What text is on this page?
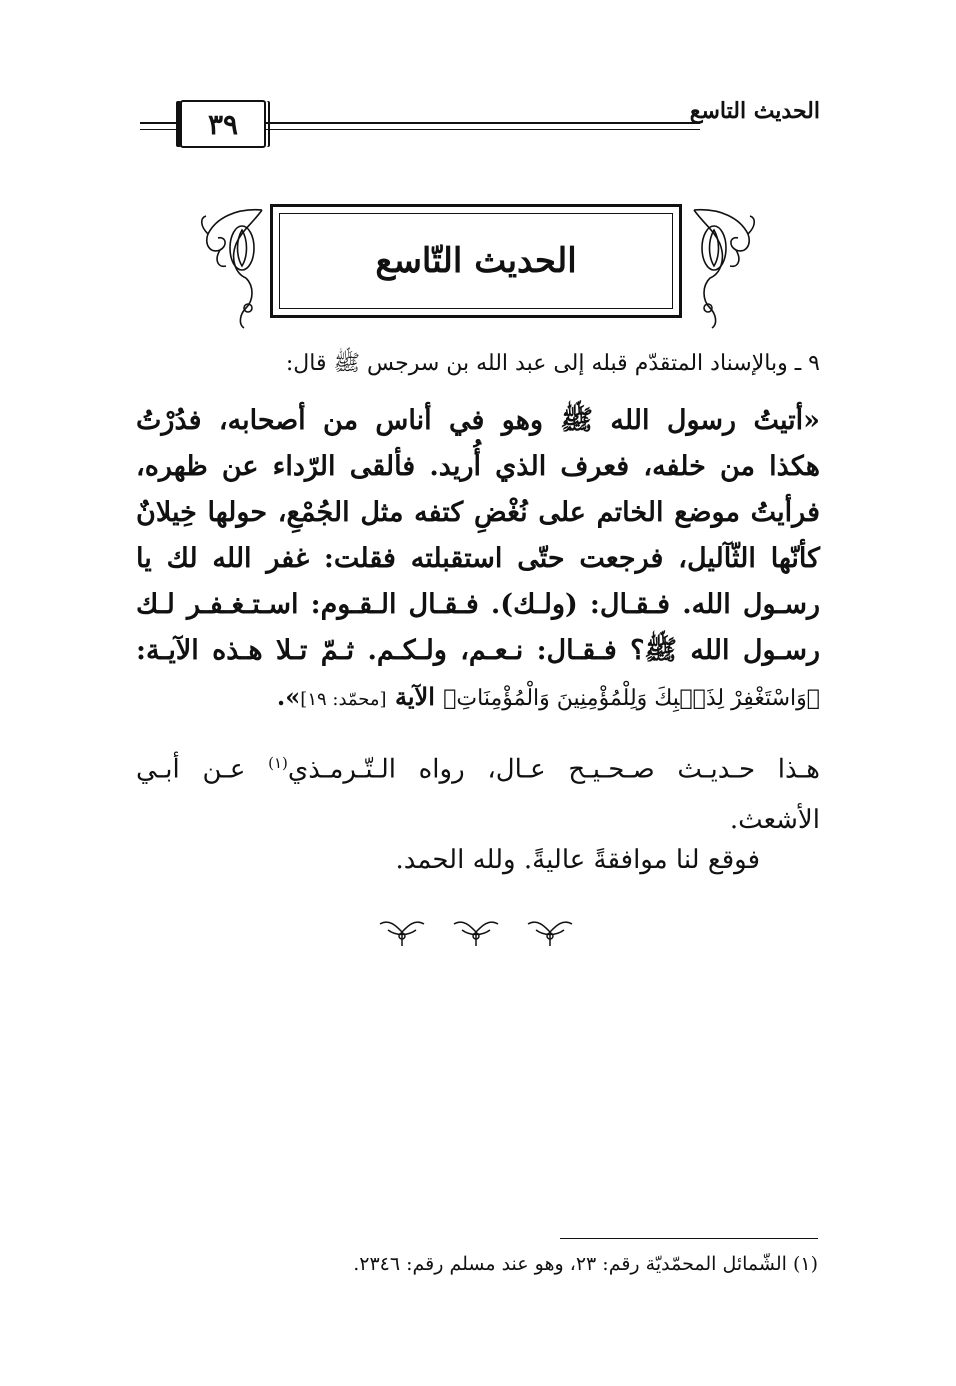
٣٩	الحديث التاسع
الحديث التّاسع
٩ ـ وبالإسناد المتقدّم قبله إلى عبد الله بن سرجس ﷺ قال:
«أتيتُ رسول الله ﷺ وهو في أناس من أصحابه، فدُرْتُ
هكذا من خلفه، فعرف الذي أُريد. فألقى الرّداء عن ظهره،
فرأيتُ موضع الخاتم على نُغْضِ كتفه مثل الجُمْعِ، حولها خِيلانٌ
كأنّها الثّآليل، فرجعت حتّى استقبلته فقلت: غفر الله لك يا
رسـول الله. فـقـال: (ولـك). فـقـال الـقـوم: اسـتـغـفـر لـك
رسـول الله ﷺ؟ فـقـال: نـعـم، ولـكـم. ثـمّ تـلا هـذه الآيـة:
﴿وَاسْتَغْفِرْ لِذَنۢبِكَ وَلِلْمُؤْمِنِينَ وَالْمُؤْمِنَاتِ﴾ الآية [محمّد: ١٩]».
هـذا حـديـث صـحـيـح عـال، رواه الـتّـرمـذي$^{(١)}$ عـن أبـي
الأشعث.
فوقع لنا موافقةً عاليةً. ولله الحمد.
(١) الشّمائل المحمّديّة رقم: ٢٣، وهو عند مسلم رقم: ٢٣٤٦.
